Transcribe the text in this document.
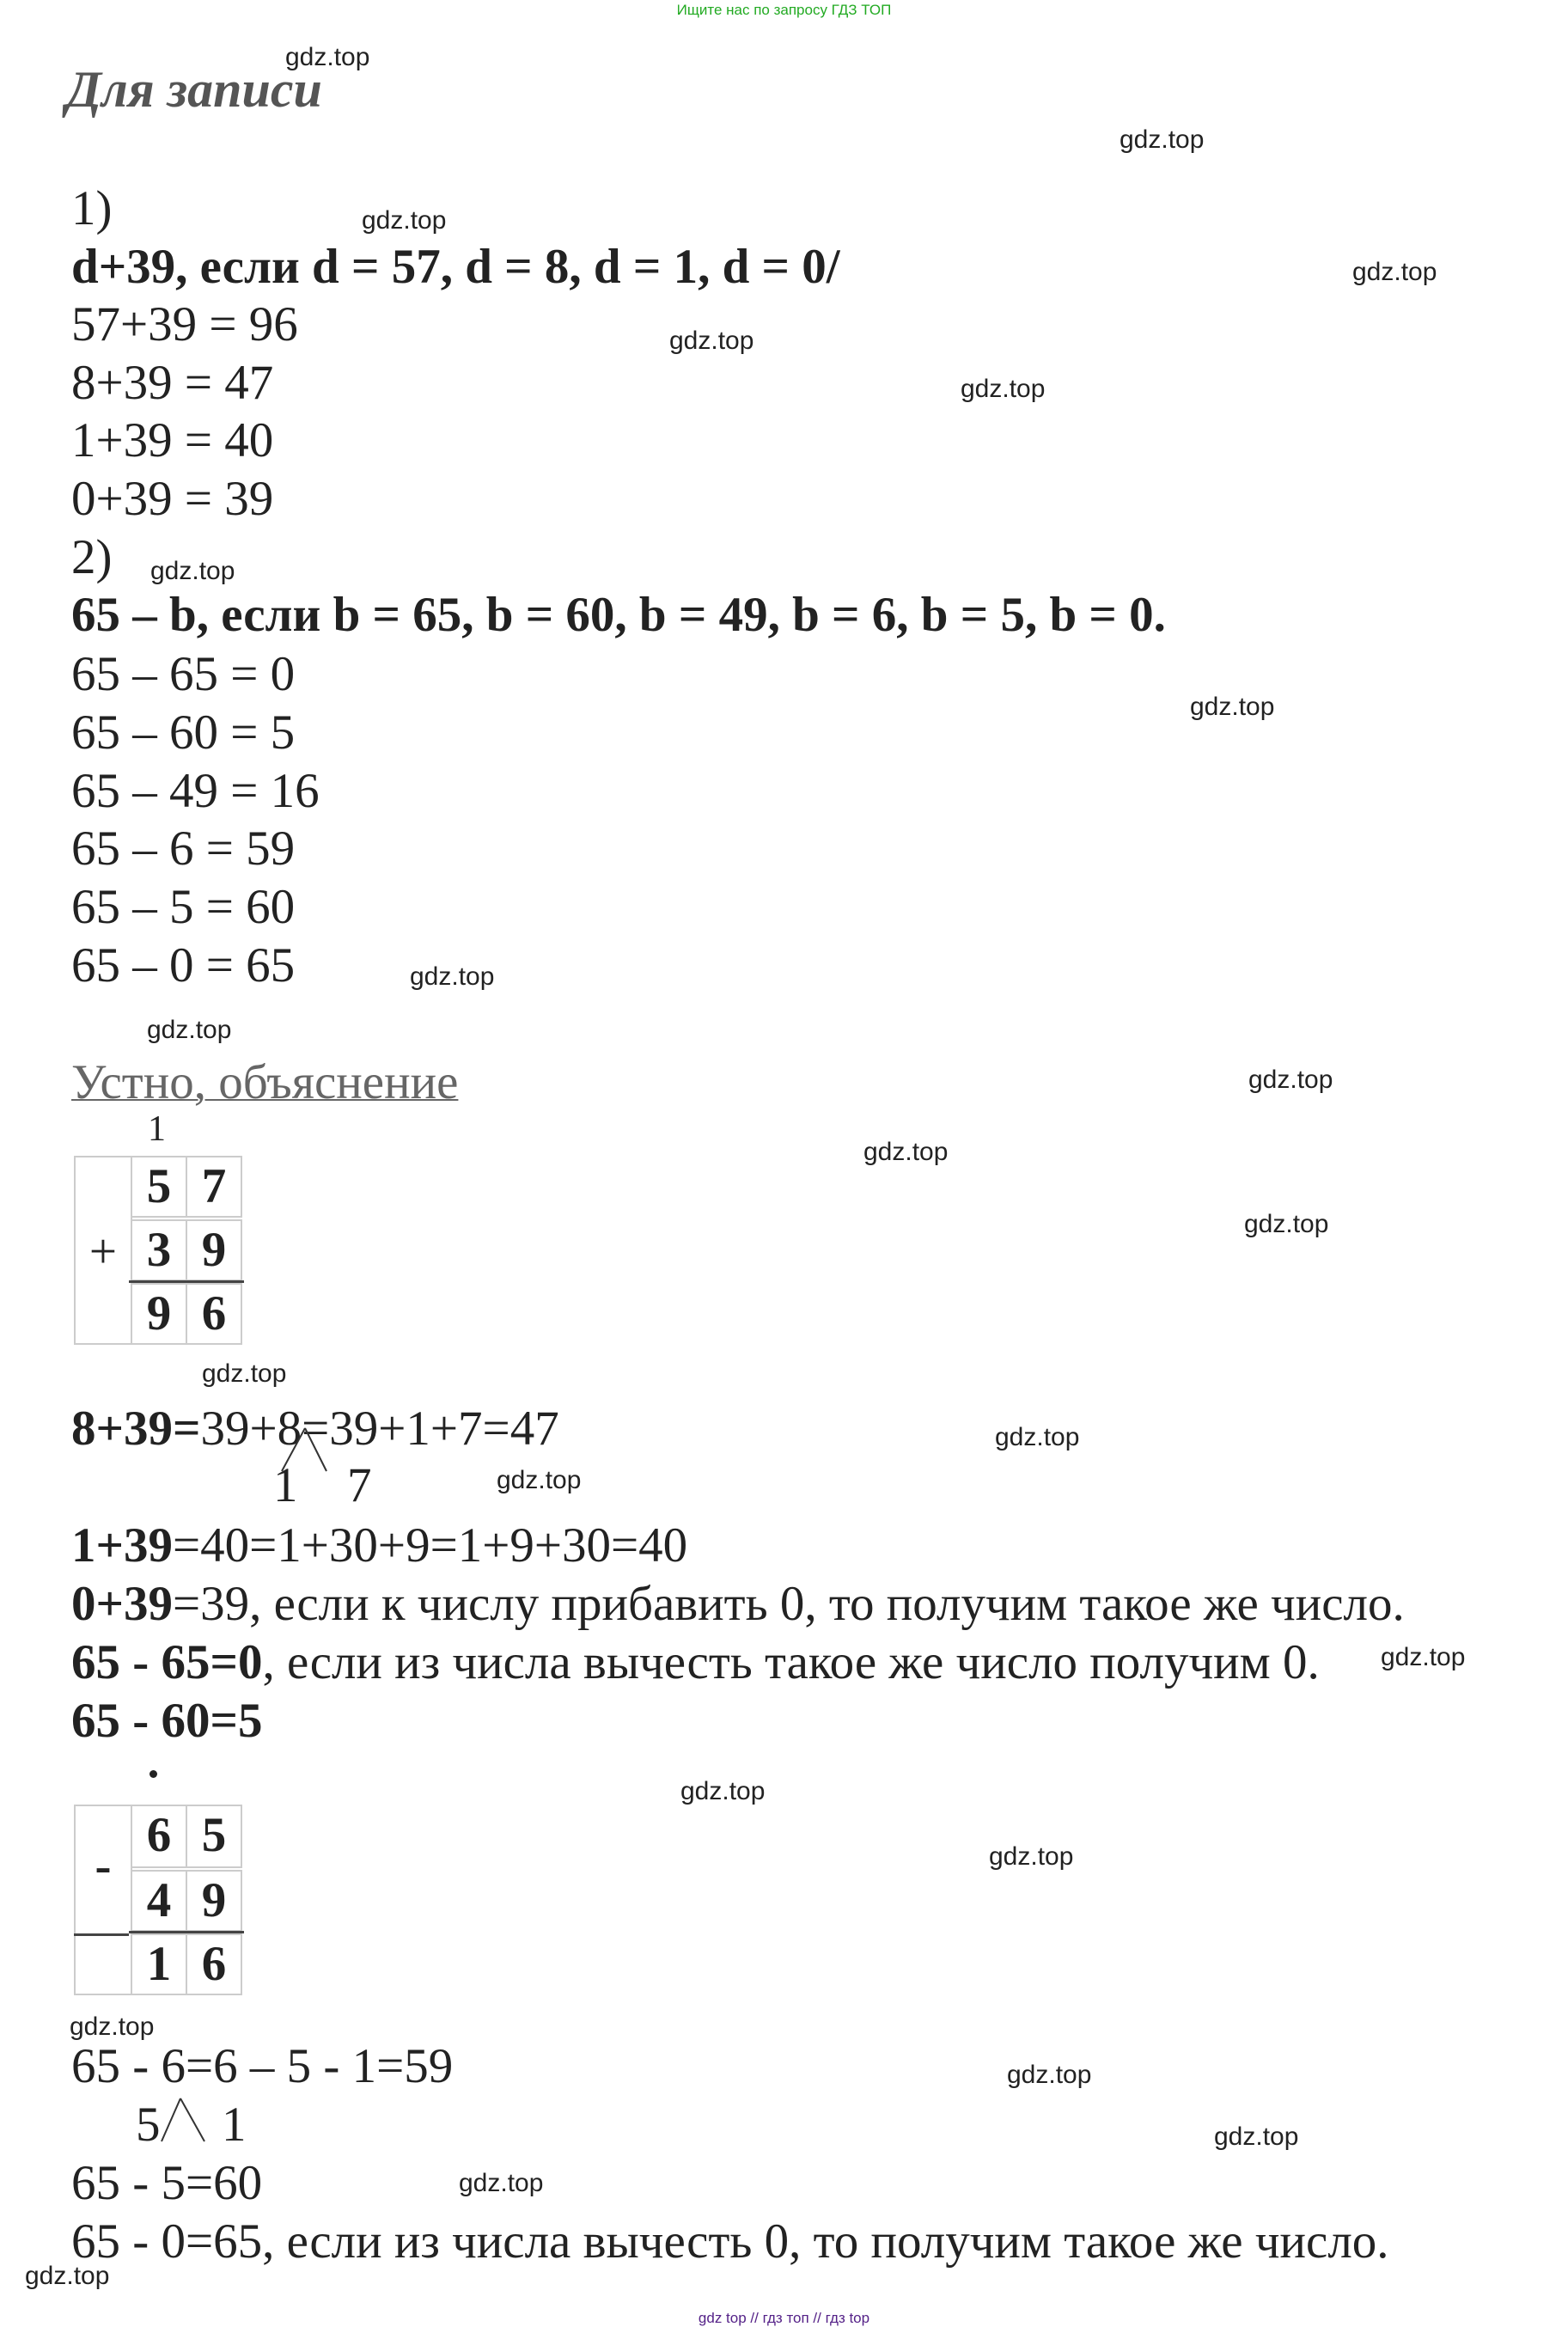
Ищите нас по запросу ГДЗ ТОП
gdz top // гдз топ // гдз top
gdz.top
gdz.top
gdz.top
gdz.top
gdz.top
gdz.top
gdz.top
gdz.top
gdz.top
gdz.top
gdz.top
gdz.top
gdz.top
gdz.top
gdz.top
gdz.top
gdz.top
gdz.top
gdz.top
gdz.top
gdz.top
gdz.top
gdz.top
gdz.top
Для записи
1)
d+39, если d = 57, d = 8, d = 1, d = 0/
57+39 = 96
8+39 = 47
1+39 = 40
0+39 = 39
2)
65 – b, если b = 65, b = 60, b = 49, b = 6, b = 5, b = 0.
65 – 65 = 0
65 – 60 = 5
65 – 49 = 16
65 – 6 = 59
65 – 5 = 60
65 – 0 = 65
Устно, объяснение
1
+
5 7
3 9
9 6
8+39=39+8=39+1+7=47
1 7
1+39=40=1+30+9=1+9+30=40
0+39=39, если к числу прибавить 0, то получим такое же число.
65 - 65=0, если из числа вычесть такое же число получим 0.
65 - 60=5
-
6 5
4 9
1 6
65 - 6=6 – 5 - 1=59
5 1
65 - 5=60
65 - 0=65, если из числа вычесть 0, то получим такое же число.
